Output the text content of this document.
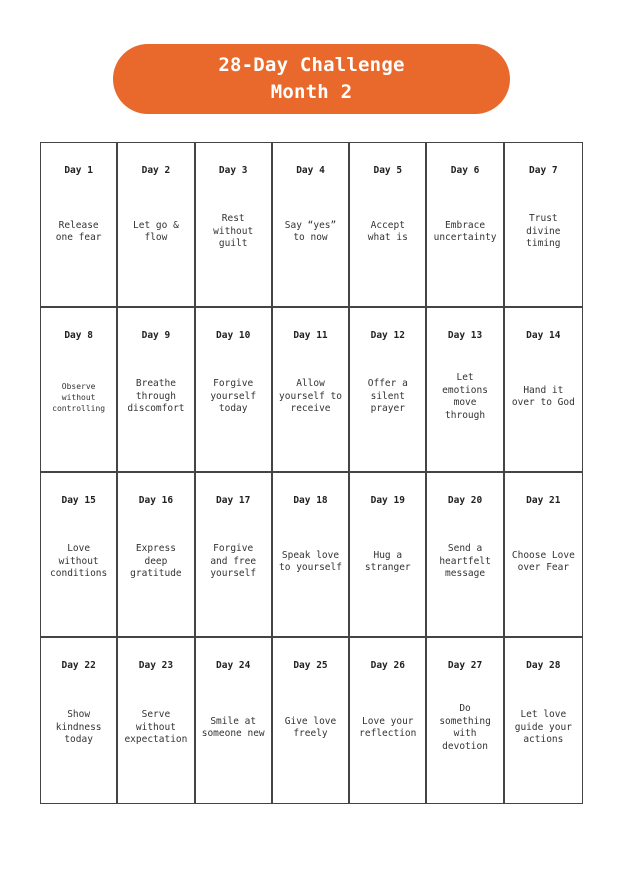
28-Day Challenge
Month 2
Day 1
Release
one fear
Day 2
Let go &
flow
Day 3
Rest
without
guilt
Day 4
Say “yes”
to now
Day 5
Accept
what is
Day 6
Embrace
uncertainty
Day 7
Trust
divine
timing
Day 8
Observe
without
controlling
Day 9
Breathe
through
discomfort
Day 10
Forgive
yourself
today
Day 11
Allow
yourself to
receive
Day 12
Offer a
silent
prayer
Day 13
Let
emotions
move
through
Day 14
Hand it
over to God
Day 15
Love
without
conditions
Day 16
Express
deep
gratitude
Day 17
Forgive
and free
yourself
Day 18
Speak love
to yourself
Day 19
Hug a
stranger
Day 20
Send a
heartfelt
message
Day 21
Choose Love
over Fear
Day 22
Show
kindness
today
Day 23
Serve
without
expectation
Day 24
Smile at
someone new
Day 25
Give love
freely
Day 26
Love your
reflection
Day 27
Do
something
with
devotion
Day 28
Let love
guide your
actions
